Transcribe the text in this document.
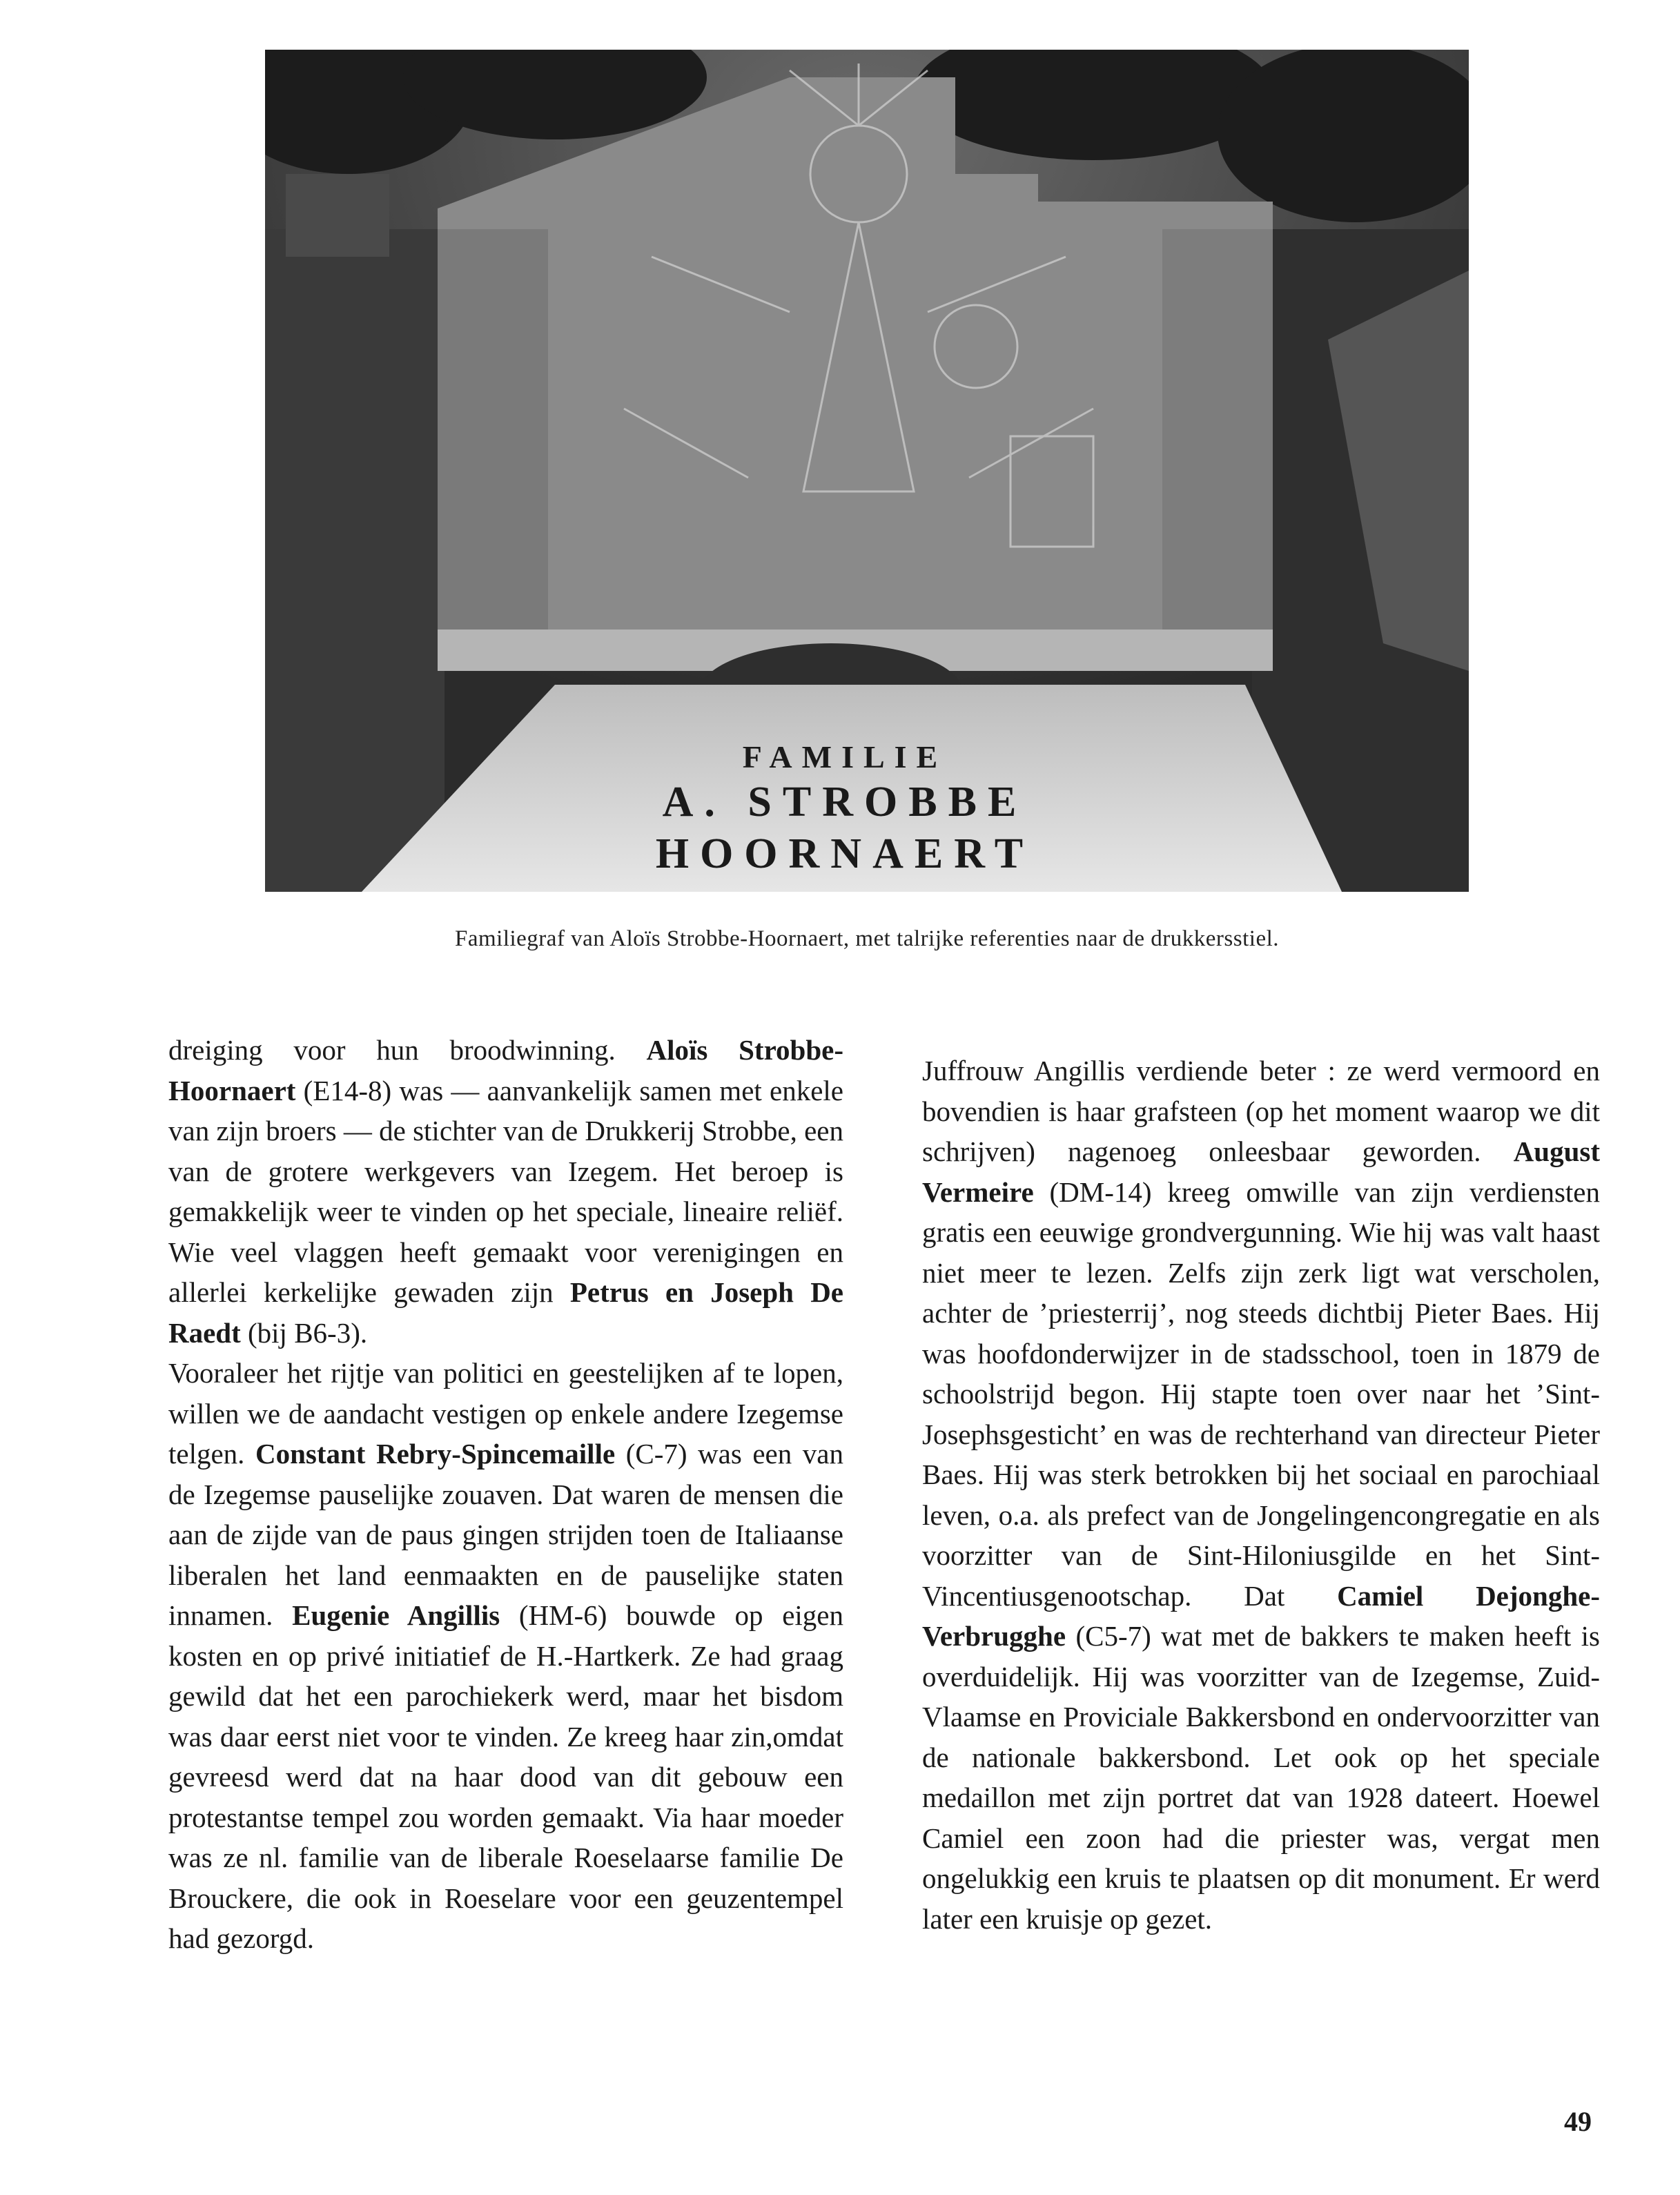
FAMILIE
A. STROBBE
HOORNAERT
Familiegraf van Aloïs Strobbe-Hoornaert, met talrijke referenties naar de drukkersstiel.

dreiging voor hun broodwinning. Aloïs Strobbe-Hoornaert (E14-8) was — aanvankelijk samen met enkele van zijn broers — de stichter van de Drukkerij Strobbe, een van de grotere werkgevers van Izegem. Het beroep is gemakkelijk weer te vinden op het speciale, lineaire reliëf. Wie veel vlaggen heeft gemaakt voor verenigingen en allerlei kerkelijke gewaden zijn Petrus en Joseph De Raedt (bij B6-3).

Vooraleer het rijtje van politici en geestelijken af te lopen, willen we de aandacht vestigen op enkele andere Izegemse telgen. Constant Rebry-Spincemaille (C-7) was een van de Izegemse pauselijke zouaven. Dat waren de mensen die aan de zijde van de paus gingen strijden toen de Italiaanse liberalen het land eenmaakten en de pauselijke staten innamen. Eugenie Angillis (HM-6) bouwde op eigen kosten en op privé initiatief de H.-Hartkerk. Ze had graag gewild dat het een parochiekerk werd, maar het bisdom was daar eerst niet voor te vinden. Ze kreeg haar zin,omdat gevreesd werd dat na haar dood van dit gebouw een protestantse tempel zou worden gemaakt. Via haar moeder was ze nl. familie van de liberale Roeselaarse familie De Brouckere, die ook in Roeselare voor een geuzentempel had gezorgd.

Juffrouw Angillis verdiende beter : ze werd vermoord en bovendien is haar grafsteen (op het moment waarop we dit schrijven) nagenoeg onleesbaar geworden. August Vermeire (DM-14) kreeg omwille van zijn verdiensten gratis een eeuwige grondvergunning. Wie hij was valt haast niet meer te lezen. Zelfs zijn zerk ligt wat verscholen, achter de ’priesterrij’, nog steeds dichtbij Pieter Baes. Hij was hoofdonderwijzer in de stadsschool, toen in 1879 de schoolstrijd begon. Hij stapte toen over naar het ’Sint-Josephsgesticht’ en was de rechterhand van directeur Pieter Baes. Hij was sterk betrokken bij het sociaal en parochiaal leven, o.a. als prefect van de Jongelingencongregatie en als voorzitter van de Sint-Hiloniusgilde en het Sint-Vincentiusgenootschap. Dat Camiel Dejonghe-Verbrugghe (C5-7) wat met de bakkers te maken heeft is overduidelijk. Hij was voorzitter van de Izegemse, Zuid-Vlaamse en Proviciale Bakkersbond en ondervoorzitter van de nationale bakkersbond. Let ook op het speciale medaillon met zijn portret dat van 1928 dateert. Hoewel Camiel een zoon had die priester was, vergat men ongelukkig een kruis te plaatsen op dit monument. Er werd later een kruisje op gezet.

49
